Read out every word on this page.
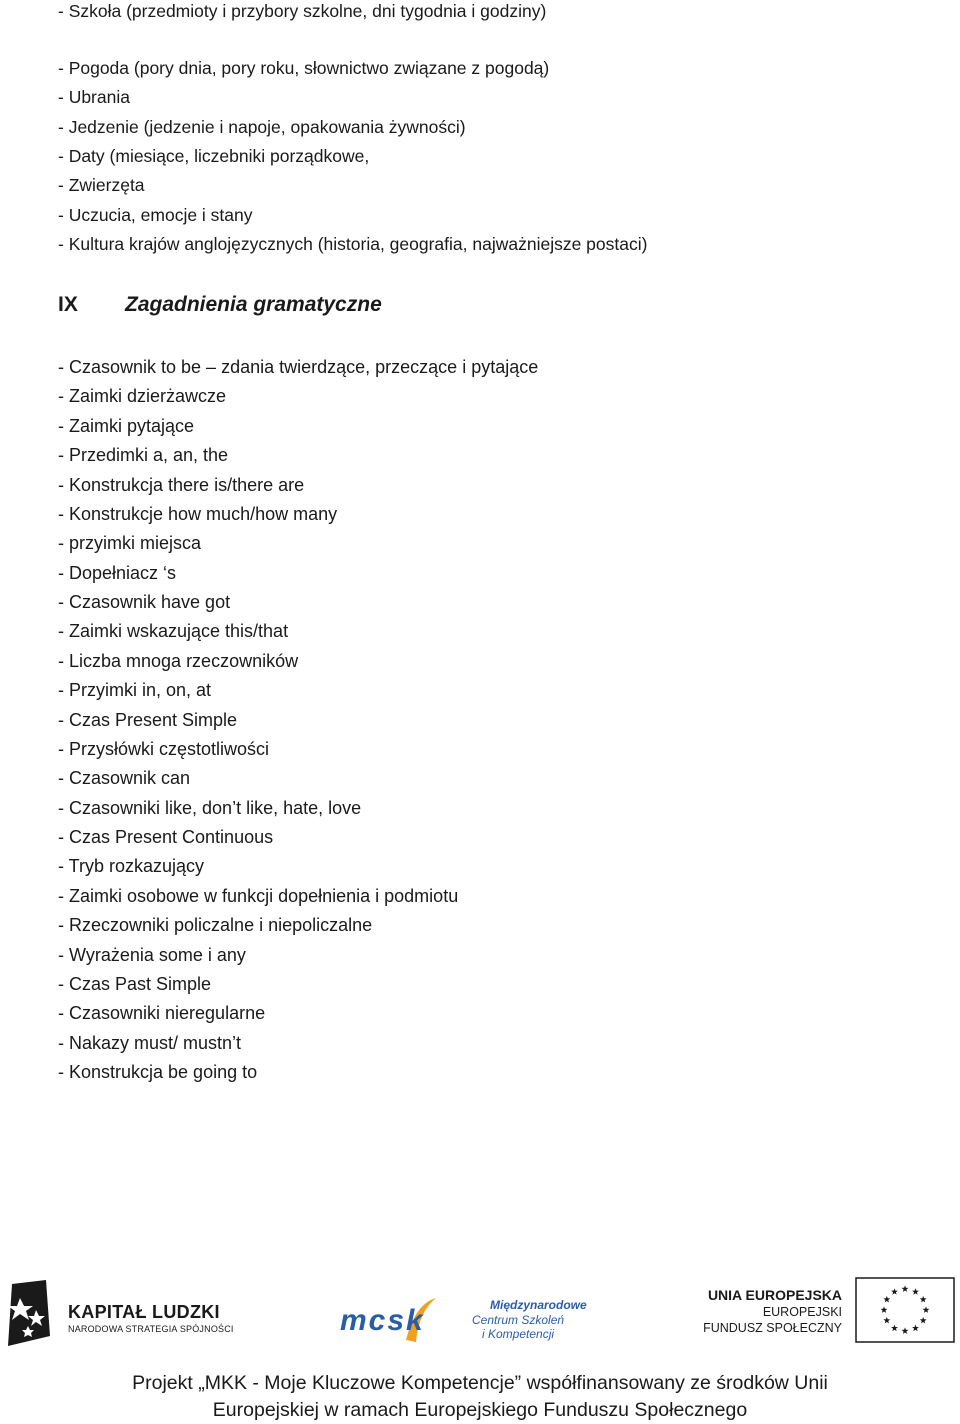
- Szkoła (przedmioty i przybory szkolne, dni tygodnia i godziny)
- Pogoda (pory dnia, pory roku, słownictwo związane z pogodą)
- Ubrania
- Jedzenie (jedzenie i napoje, opakowania żywności)
- Daty (miesiące, liczebniki porządkowe,
- Zwierzęta
- Uczucia, emocje i stany
- Kultura krajów anglojęzycznych (historia, geografia, najważniejsze postaci)
IX Zagadnienia gramatyczne
- Czasownik to be – zdania twierdzące, przeczące i pytające
- Zaimki dzierżawcze
- Zaimki pytające
- Przedimki a, an, the
- Konstrukcja there is/there are
- Konstrukcje how much/how many
- przyimki miejsca
- Dopełniacz ‘s
- Czasownik have got
- Zaimki wskazujące this/that
- Liczba mnoga rzeczowników
- Przyimki in, on, at
- Czas Present Simple
- Przysłówki częstotliwości
- Czasownik can
- Czasowniki like, don’t like, hate, love
- Czas Present Continuous
- Tryb rozkazujący
- Zaimki osobowe w funkcji dopełnienia i podmiotu
- Rzeczowniki policzalne i niepoliczalne
- Wyrażenia some i any
- Czas Past Simple
- Czasowniki nieregularne
- Nakazy must/ mustn’t
- Konstrukcja be going to
KAPITAŁ LUDZKI
NARODOWA STRATEGIA SPÓJNOŚCI	mcsk	Międzynarodowe
Centrum Szkoleń
i Kompetencji
UNIA EUROPEJSKA
EUROPEJSKI
FUNDUSZ SPOŁECZNY
Projekt „MKK - Moje Kluczowe Kompetencje” współfinansowany ze środków Unii
Europejskiej w ramach Europejskiego Funduszu Społecznego
